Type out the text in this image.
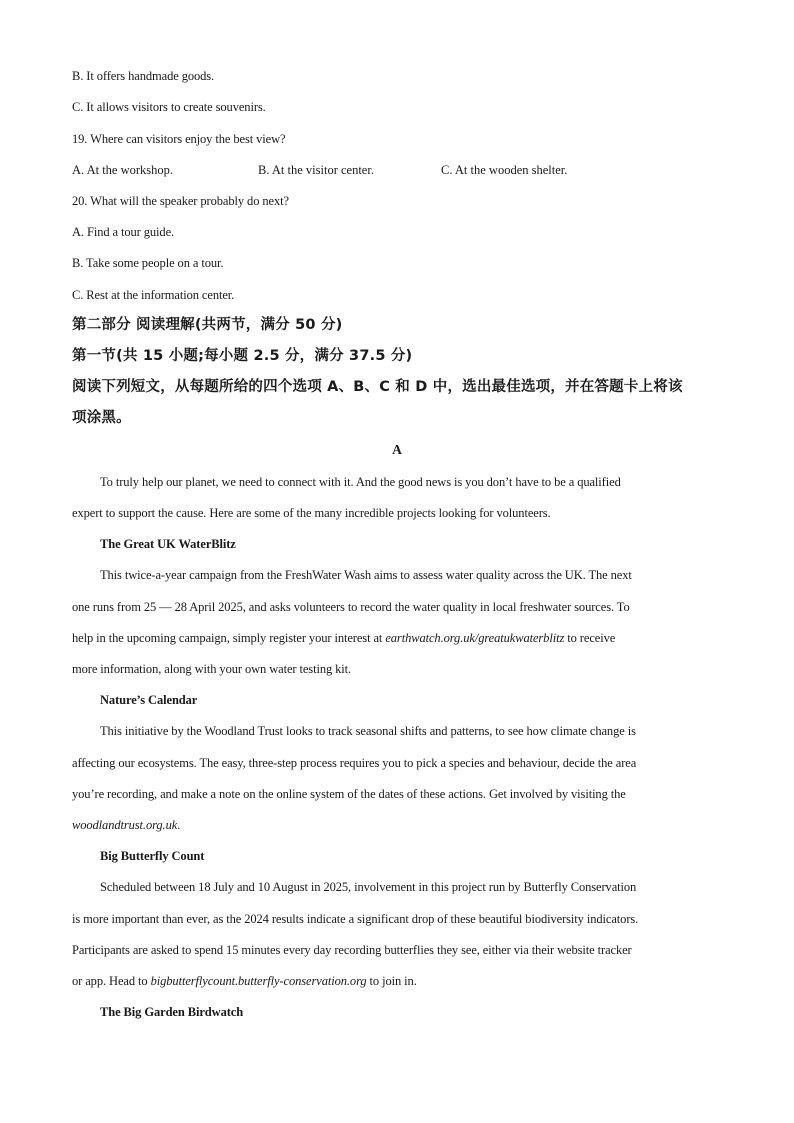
B. It offers handmade goods.
C. It allows visitors to create souvenirs.
19. Where can visitors enjoy the best view?
A. At the workshop.	B. At the visitor center.	C. At the wooden shelter.
20. What will the speaker probably do next?
A. Find a tour guide.
B. Take some people on a tour.
C. Rest at the information center.
第二部分 阅读理解(共两节，满分 50 分)
第一节(共 15 小题;每小题 2.5 分，满分 37.5 分)
阅读下列短文，从每题所给的四个选项 A、B、C 和 D 中，选出最佳选项，并在答题卡上将该
项涂黑。
A
To truly help our planet, we need to connect with it. And the good news is you don’t have to be a qualified
expert to support the cause. Here are some of the many incredible projects looking for volunteers.
The Great UK WaterBlitz
This twice-a-year campaign from the FreshWater Wash aims to assess water quality across the UK. The next
one runs from 25 — 28 April 2025, and asks volunteers to record the water quality in local freshwater sources. To
help in the upcoming campaign, simply register your interest at earthwatch.org.uk/greatukwaterblitz to receive
more information, along with your own water testing kit.
Nature’s Calendar
This initiative by the Woodland Trust looks to track seasonal shifts and patterns, to see how climate change is
affecting our ecosystems. The easy, three-step process requires you to pick a species and behaviour, decide the area
you’re recording, and make a note on the online system of the dates of these actions. Get involved by visiting the
woodlandtrust.org.uk.
Big Butterfly Count
Scheduled between 18 July and 10 August in 2025, involvement in this project run by Butterfly Conservation
is more important than ever, as the 2024 results indicate a significant drop of these beautiful biodiversity indicators.
Participants are asked to spend 15 minutes every day recording butterflies they see, either via their website tracker
or app. Head to bigbutterflycount.butterfly-conservation.org to join in.
The Big Garden Birdwatch
